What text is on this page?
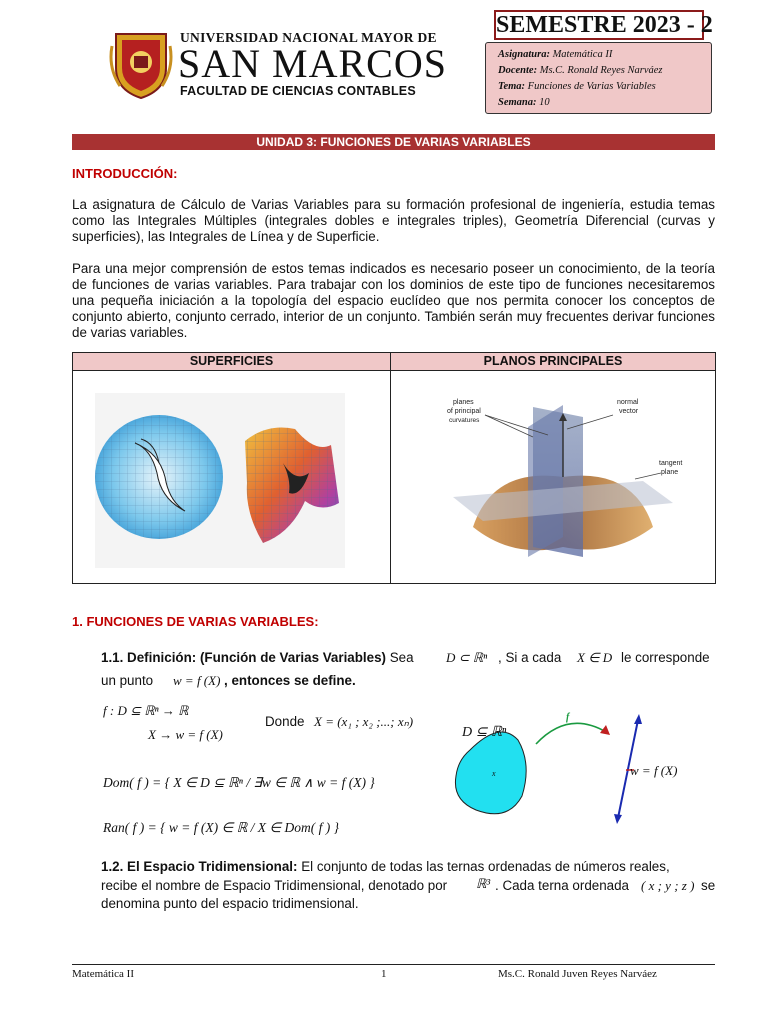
UNIVERSIDAD NACIONAL MAYOR DE
SAN MARCOS
FACULTAD DE CIENCIAS CONTABLES
SEMESTRE 2023 - 2
Asignatura: Matemática II
Docente: Ms.C. Ronald Reyes Narváez
Tema: Funciones de Varias Variables
Semana: 10
UNIDAD 3: FUNCIONES DE VARIAS VARIABLES
INTRODUCCIÓN:
La asignatura de Cálculo de Varias Variables para su formación profesional de ingeniería, estudia temas como las Integrales Múltiples (integrales dobles e integrales triples), Geometría Diferencial (curvas y superficies), las Integrales de Línea y de Superficie.
Para una mejor comprensión de estos temas indicados es necesario poseer un conocimiento, de la teoría de funciones de varias variables. Para trabajar con los dominios de este tipo de funciones necesitaremos una pequeña iniciación a la topología del espacio euclídeo que nos permita conocer los conceptos de conjunto abierto, conjunto cerrado, interior de un conjunto. También serán muy frecuentes derivar funciones de varias variables.
SUPERFICIES	PLANOS PRINCIPALES
planes
of principal
curvatures
normal
vector
tangent
plane
1. FUNCIONES DE VARIAS VARIABLES:
1.1. Definición: (Función de Varias Variables) Sea D ⊂ ℝⁿ , Si a cada X ∈ D le corresponde
un punto w = f (X) , entonces se define.
f : D ⊆ ℝⁿ → ℝ
X → w = f (X)
Donde X = (x₁ ; x₂ ;...; xₙ)
Dom( f ) = { X ∈ D ⊆ ℝⁿ / ∃w ∈ ℝ ∧ w = f (X) }
Ran( f ) = { w = f (X) ∈ ℝ / X ∈ Dom( f ) }
D ⊆ ℝⁿ
f
x	w = f (X)
1.2. El Espacio Tridimensional: El conjunto de todas las ternas ordenadas de números reales,
recibe el nombre de Espacio Tridimensional, denotado por ℝ³ . Cada terna ordenada ( x ; y ; z ) se
denomina punto del espacio tridimensional.
Matemática II	1	Ms.C. Ronald Juven Reyes Narváez
